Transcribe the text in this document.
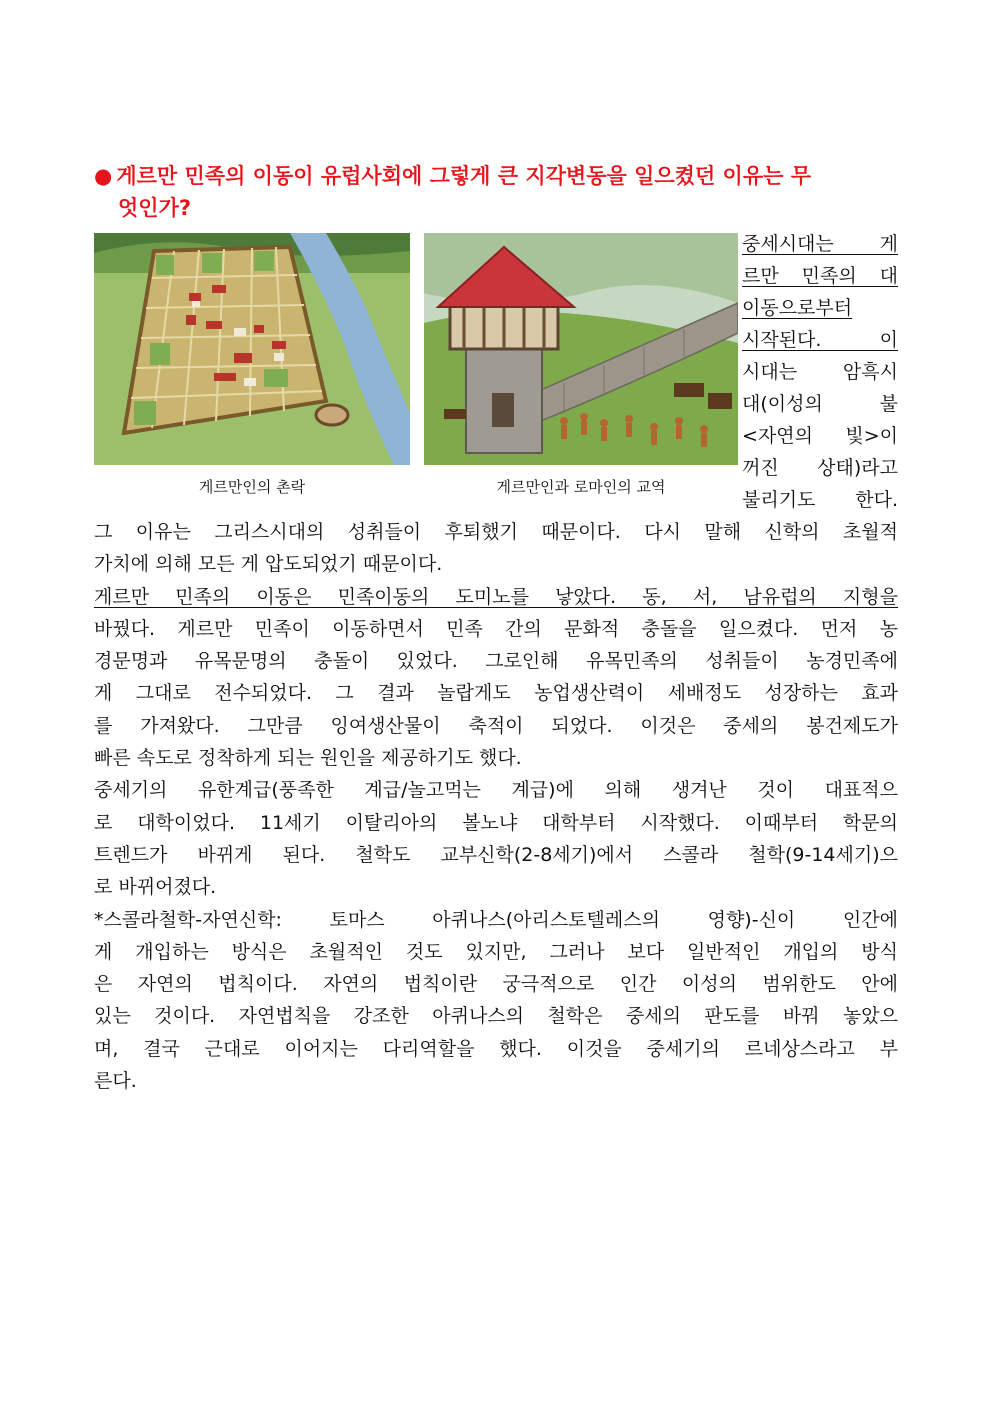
● 게르만 민족의 이동이 유럽사회에 그렇게 큰 지각변동을 일으켰던 이유는 무
엇인가?
게르만인의 촌락	게르만인과 로마인의 교역
중세시대는 게
르만 민족의 대
이동으로부터
시작된다. 이
시대는 암흑시
대(이성의 불
<자연의 빛>이
꺼진 상태)라고
불리기도 한다.
그 이유는 그리스시대의 성취들이 후퇴했기 때문이다. 다시 말해 신학의 초월적
가치에 의해 모든 게 압도되었기 때문이다.
게르만 민족의 이동은 민족이동의 도미노를 낳았다. 동, 서, 남유럽의 지형을
바꿨다. 게르만 민족이 이동하면서 민족 간의 문화적 충돌을 일으켰다. 먼저 농
경문명과 유목문명의 충돌이 있었다. 그로인해 유목민족의 성취들이 농경민족에
게 그대로 전수되었다. 그 결과 놀랍게도 농업생산력이 세배정도 성장하는 효과
를 가져왔다. 그만큼 잉여생산물이 축적이 되었다. 이것은 중세의 봉건제도가
빠른 속도로 정착하게 되는 원인을 제공하기도 했다.
중세기의 유한계급(풍족한 계급/놀고먹는 계급)에 의해 생겨난 것이 대표적으
로 대학이었다. 11세기 이탈리아의 볼노냐 대학부터 시작했다. 이때부터 학문의
트렌드가 바뀌게 된다. 철학도 교부신학(2-8세기)에서 스콜라 철학(9-14세기)으
로 바뀌어졌다.
*스콜라철학-자연신학: 토마스 아퀴나스(아리스토텔레스의 영향)-신이 인간에
게 개입하는 방식은 초월적인 것도 있지만, 그러나 보다 일반적인 개입의 방식
은 자연의 법칙이다. 자연의 법칙이란 궁극적으로 인간 이성의 범위한도 안에
있는 것이다. 자연법칙을 강조한 아퀴나스의 철학은 중세의 판도를 바꿔 놓았으
며, 결국 근대로 이어지는 다리역할을 했다. 이것을 중세기의 르네상스라고 부
른다.
